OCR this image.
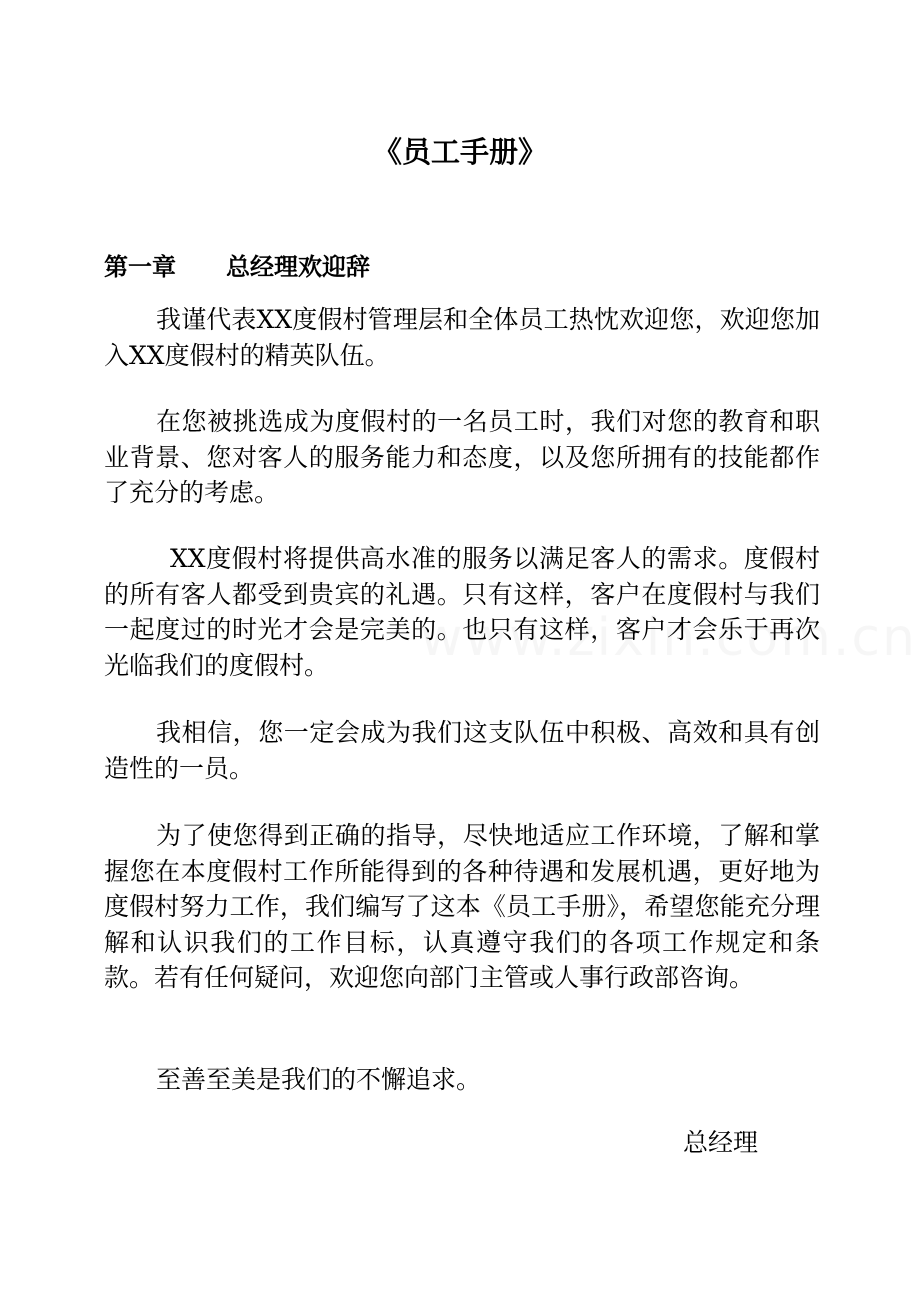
《员工手册》
第一章 总经理欢迎辞

我谨代表XX度假村管理层和全体员工热忱欢迎您，欢迎您加入XX度假村的精英队伍。

在您被挑选成为度假村的一名员工时，我们对您的教育和职业背景、您对客人的服务能力和态度，以及您所拥有的技能都作了充分的考虑。

XX度假村将提供高水准的服务以满足客人的需求。度假村的所有客人都受到贵宾的礼遇。只有这样，客户在度假村与我们一起度过的时光才会是完美的。也只有这样，客户才会乐于再次光临我们的度假村。

我相信，您一定会成为我们这支队伍中积极、高效和具有创造性的一员。

为了使您得到正确的指导，尽快地适应工作环境，了解和掌握您在本度假村工作所能得到的各种待遇和发展机遇，更好地为度假村努力工作，我们编写了这本《员工手册》，希望您能充分理解和认识我们的工作目标，认真遵守我们的各项工作规定和条款。若有任何疑问，欢迎您向部门主管或人事行政部咨询。

至善至美是我们的不懈追求。

总经理
